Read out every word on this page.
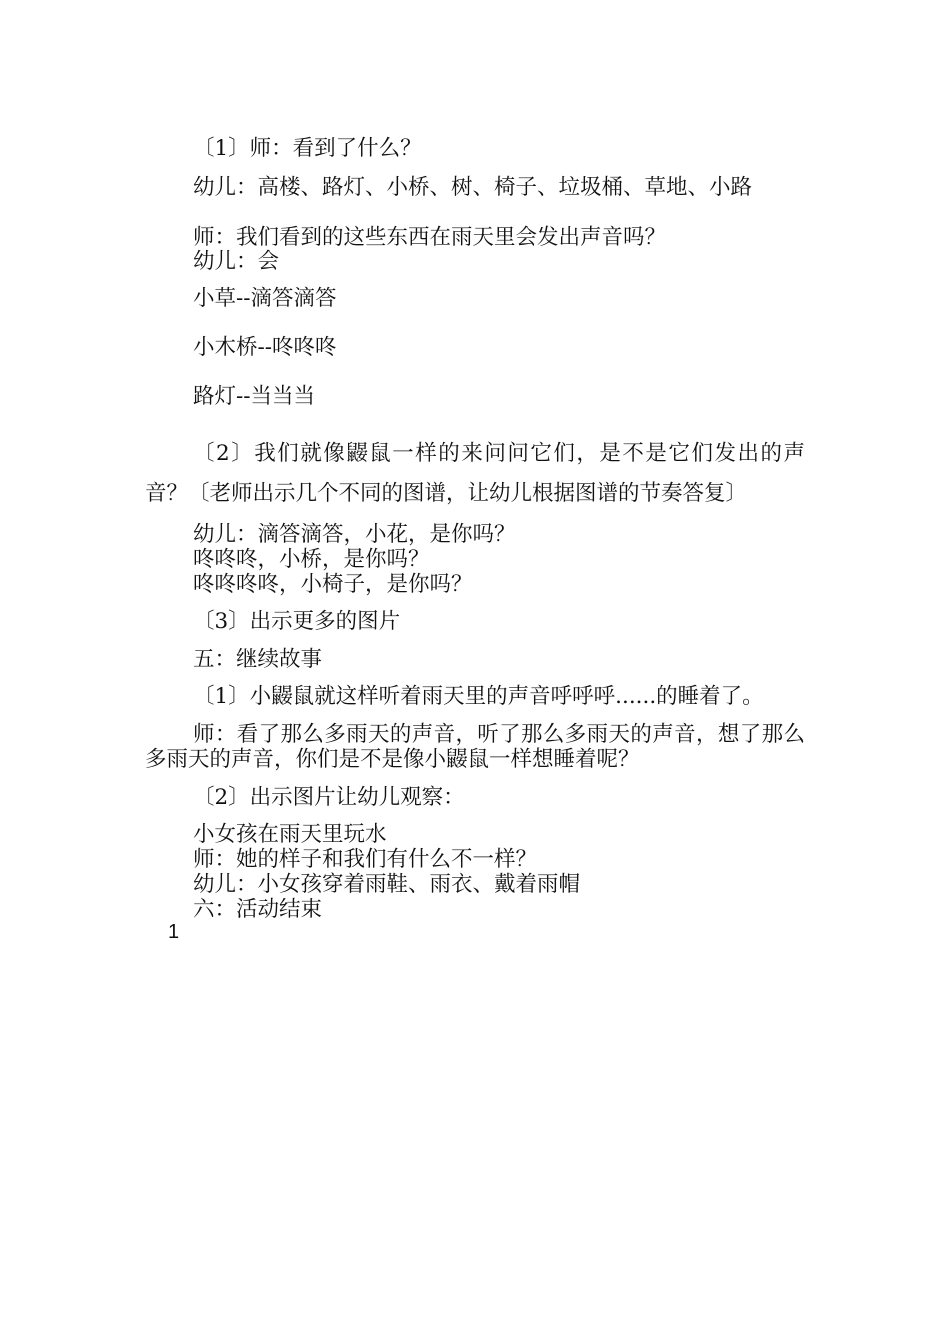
〔1〕师：看到了什么？

幼儿：高楼、路灯、小桥、树、椅子、垃圾桶、草地、小路

师：我们看到的这些东西在雨天里会发出声音吗？

幼儿：会

小草--滴答滴答

小木桥--咚咚咚

路灯--当当当

〔2〕我们就像鼹鼠一样的来问问它们，是不是它们发出的声音？〔老师出示几个不同的图谱，让幼儿根据图谱的节奏答复〕

幼儿：滴答滴答，小花，是你吗？

咚咚咚，小桥，是你吗？

咚咚咚咚，小椅子，是你吗？

〔3〕出示更多的图片

五：继续故事

〔1〕小鼹鼠就这样听着雨天里的声音呼呼呼......的睡着了。

师：看了那么多雨天的声音，听了那么多雨天的声音，想了那么多雨天的声音，你们是不是像小鼹鼠一样想睡着呢？

〔2〕出示图片让幼儿观察：

小女孩在雨天里玩水

师：她的样子和我们有什么不一样？

幼儿：小女孩穿着雨鞋、雨衣、戴着雨帽

六：活动结束

1
